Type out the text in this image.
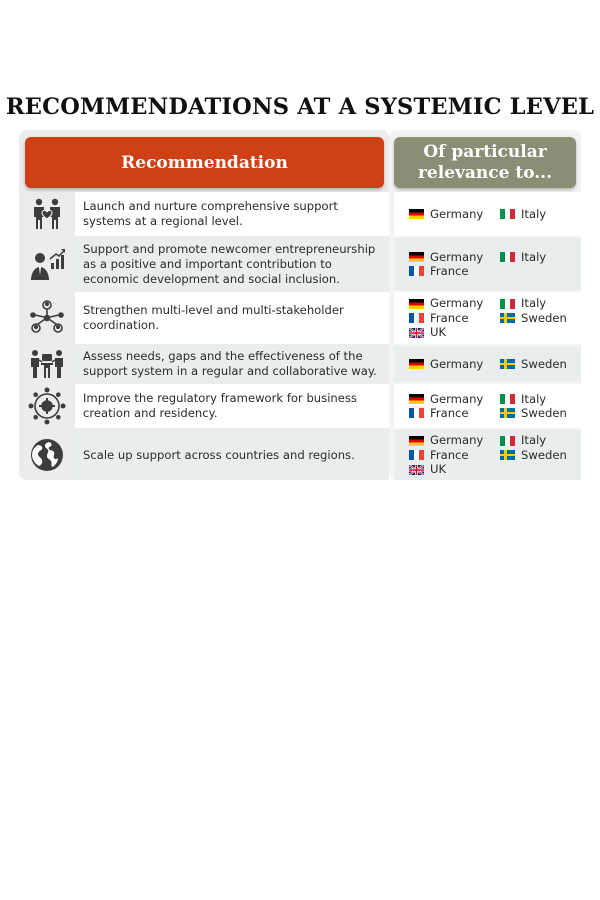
RECOMMENDATIONS AT A SYSTEMIC LEVEL
Recommendation
Of particular relevance to...
Launch and nurture comprehensive support systems at a regional level.
Germany	Italy
Support and promote newcomer entrepreneurship as a positive and important contribution to economic development and social inclusion.
Germany	Italy
France
Strengthen multi-level and multi-stakeholder coordination.
Germany	Italy
France	Sweden
UK
Assess needs, gaps and the effectiveness of the support system in a regular and collaborative way.
Germany	Sweden
Improve the regulatory framework for business creation and residency.
Germany	Italy
France	Sweden
Scale up support across countries and regions.
Germany	Italy
France	Sweden
UK
